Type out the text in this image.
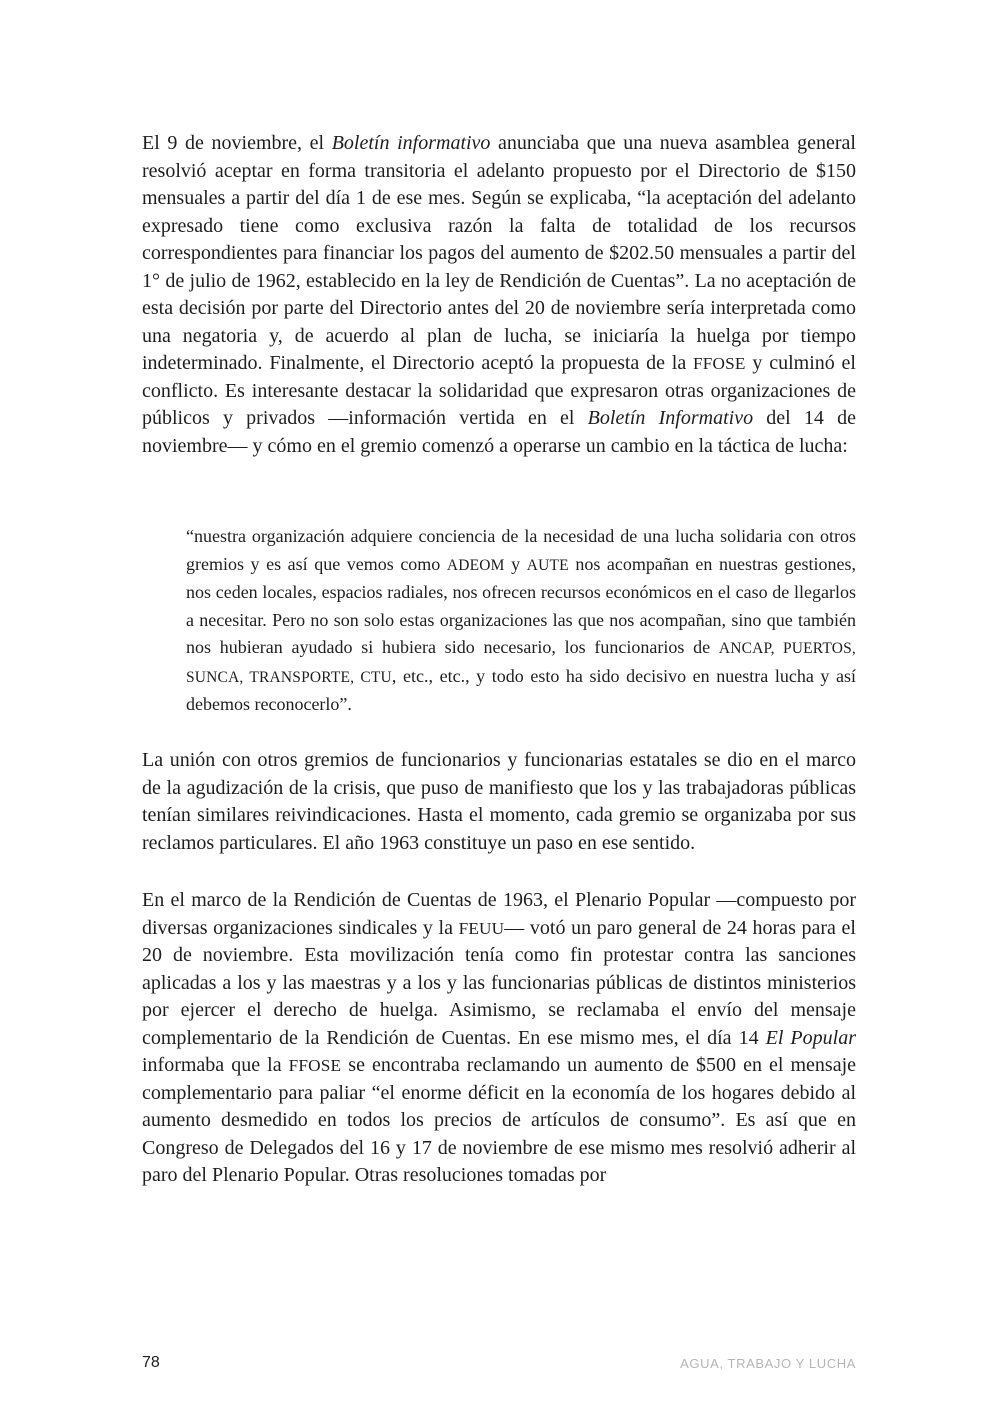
El 9 de noviembre, el Boletín informativo anunciaba que una nueva asamblea general resolvió aceptar en forma transitoria el adelanto propuesto por el Directorio de $150 mensuales a partir del día 1 de ese mes. Según se explicaba, “la aceptación del adelanto expresado tiene como exclusiva razón la falta de totalidad de los recursos correspondientes para financiar los pagos del aumento de $202.50 mensuales a partir del 1° de julio de 1962, establecido en la ley de Rendición de Cuentas”. La no aceptación de esta decisión por parte del Directorio antes del 20 de noviembre sería interpretada como una negatoria y, de acuerdo al plan de lucha, se iniciaría la huelga por tiempo indeterminado. Finalmente, el Directorio aceptó la propuesta de la FFOSE y culminó el conflicto. Es interesante destacar la solidaridad que expresaron otras organizaciones de públicos y privados —información vertida en el Boletín Informativo del 14 de noviembre— y cómo en el gremio comenzó a operarse un cambio en la táctica de lucha:

“nuestra organización adquiere conciencia de la necesidad de una lucha solidaria con otros gremios y es así que vemos como ADEOM y AUTE nos acompañan en nuestras gestiones, nos ceden locales, espacios radiales, nos ofrecen recursos económicos en el caso de llegarlos a necesitar. Pero no son solo estas organizaciones las que nos acompañan, sino que también nos hubieran ayudado si hubiera sido necesario, los funcionarios de ANCAP, PUERTOS, SUNCA, TRANSPORTE, CTU, etc., etc., y todo esto ha sido decisivo en nuestra lucha y así debemos reconocerlo”.

La unión con otros gremios de funcionarios y funcionarias estatales se dio en el marco de la agudización de la crisis, que puso de manifiesto que los y las trabajadoras públicas tenían similares reivindicaciones. Hasta el momento, cada gremio se organizaba por sus reclamos particulares. El año 1963 constituye un paso en ese sentido.

En el marco de la Rendición de Cuentas de 1963, el Plenario Popular —compuesto por diversas organizaciones sindicales y la FEUU— votó un paro general de 24 horas para el 20 de noviembre. Esta movilización tenía como fin protestar contra las sanciones aplicadas a los y las maestras y a los y las funcionarias públicas de distintos ministerios por ejercer el derecho de huelga. Asimismo, se reclamaba el envío del mensaje complementario de la Rendición de Cuentas. En ese mismo mes, el día 14 El Popular informaba que la FFOSE se encontraba reclamando un aumento de $500 en el mensaje complementario para paliar “el enorme déficit en la economía de los hogares debido al aumento desmedido en todos los precios de artículos de consumo”. Es así que en Congreso de Delegados del 16 y 17 de noviembre de ese mismo mes resolvió adherir al paro del Plenario Popular. Otras resoluciones tomadas por

78	AGUA, TRABAJO Y LUCHA
